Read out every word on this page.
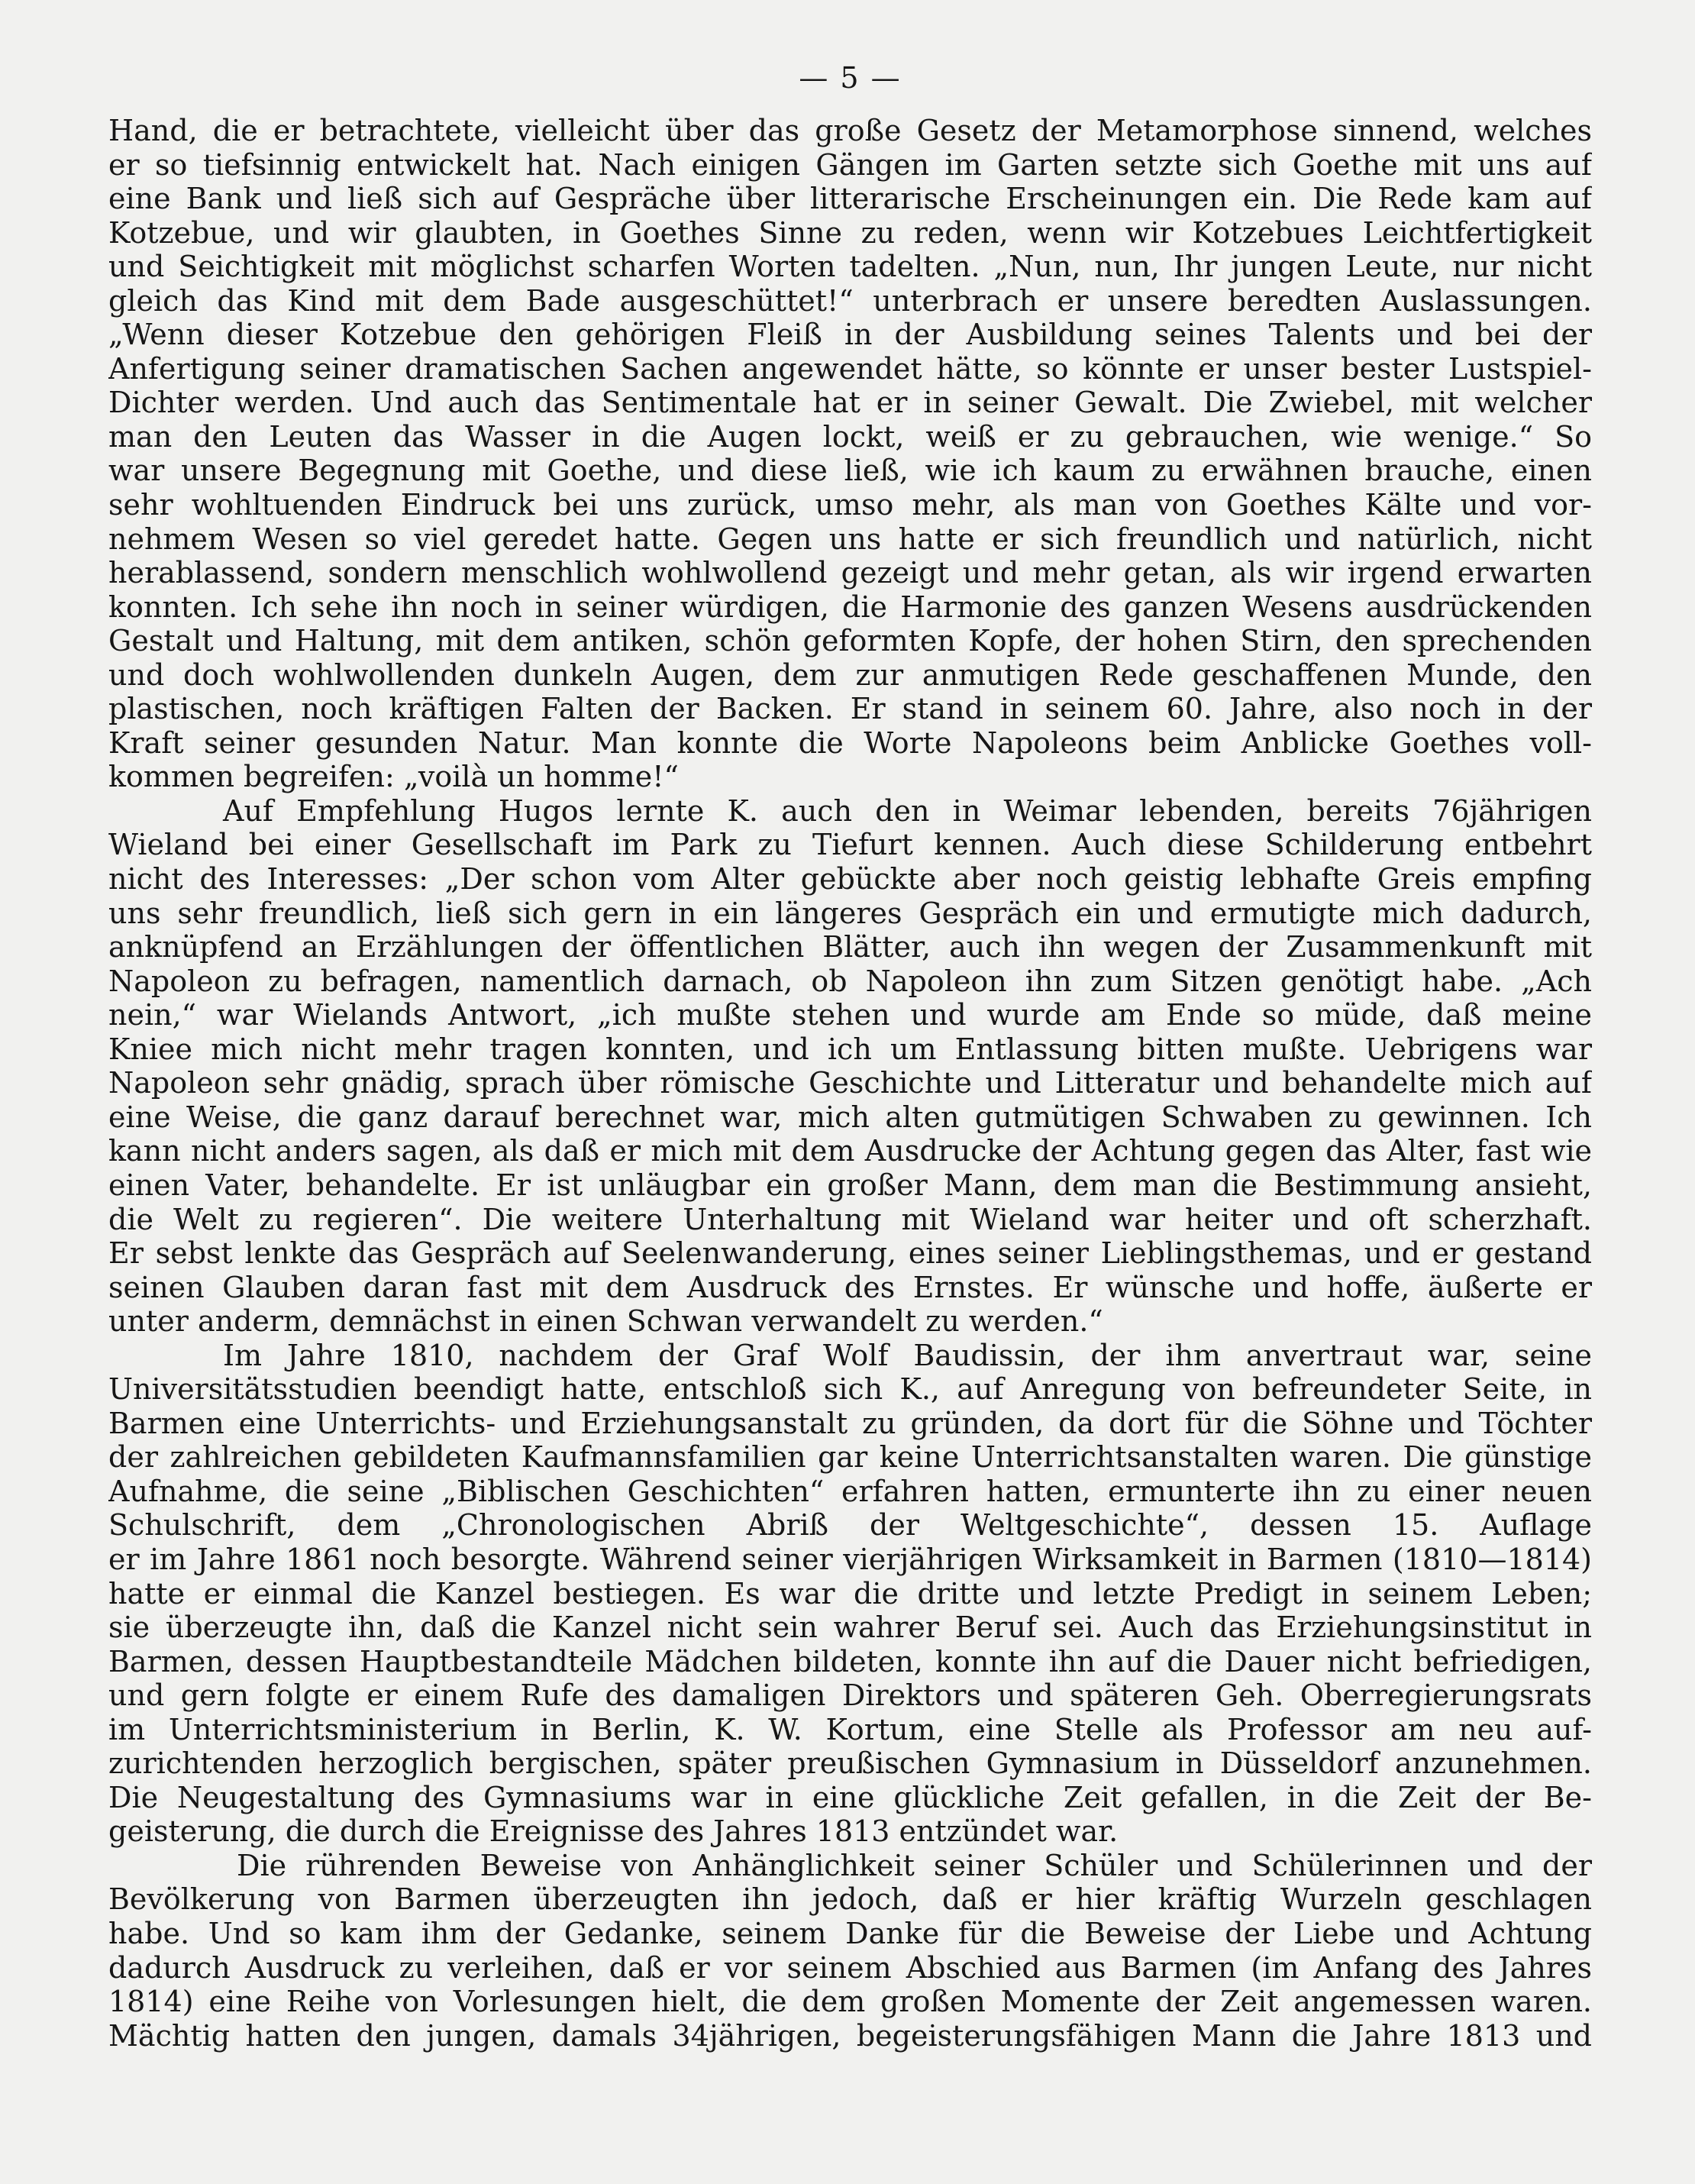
— 5 —
Hand, die er betrachtete, vielleicht über das große Gesetz der Metamorphose sinnend, welches
er so tiefsinnig entwickelt hat. Nach einigen Gängen im Garten setzte sich Goethe mit uns auf
eine Bank und ließ sich auf Gespräche über litterarische Erscheinungen ein. Die Rede kam auf
Kotzebue, und wir glaubten, in Goethes Sinne zu reden, wenn wir Kotzebues Leichtfertigkeit
und Seichtigkeit mit möglichst scharfen Worten tadelten. „Nun, nun, Ihr jungen Leute, nur nicht
gleich das Kind mit dem Bade ausgeschüttet!“ unterbrach er unsere beredten Auslassungen.
„Wenn dieser Kotzebue den gehörigen Fleiß in der Ausbildung seines Talents und bei der
Anfertigung seiner dramatischen Sachen angewendet hätte, so könnte er unser bester Lustspiel-
Dichter werden. Und auch das Sentimentale hat er in seiner Gewalt. Die Zwiebel, mit welcher
man den Leuten das Wasser in die Augen lockt, weiß er zu gebrauchen, wie wenige.“ So
war unsere Begegnung mit Goethe, und diese ließ, wie ich kaum zu erwähnen brauche, einen
sehr wohltuenden Eindruck bei uns zurück, umso mehr, als man von Goethes Kälte und vor-
nehmem Wesen so viel geredet hatte. Gegen uns hatte er sich freundlich und natürlich, nicht
herablassend, sondern menschlich wohlwollend gezeigt und mehr getan, als wir irgend erwarten
konnten. Ich sehe ihn noch in seiner würdigen, die Harmonie des ganzen Wesens ausdrückenden
Gestalt und Haltung, mit dem antiken, schön geformten Kopfe, der hohen Stirn, den sprechenden
und doch wohlwollenden dunkeln Augen, dem zur anmutigen Rede geschaffenen Munde, den
plastischen, noch kräftigen Falten der Backen. Er stand in seinem 60. Jahre, also noch in der
Kraft seiner gesunden Natur. Man konnte die Worte Napoleons beim Anblicke Goethes voll-
kommen begreifen: „voilà un homme!“
Auf Empfehlung Hugos lernte K. auch den in Weimar lebenden, bereits 76jährigen
Wieland bei einer Gesellschaft im Park zu Tiefurt kennen. Auch diese Schilderung entbehrt
nicht des Interesses: „Der schon vom Alter gebückte aber noch geistig lebhafte Greis empfing
uns sehr freundlich, ließ sich gern in ein längeres Gespräch ein und ermutigte mich dadurch,
anknüpfend an Erzählungen der öffentlichen Blätter, auch ihn wegen der Zusammenkunft mit
Napoleon zu befragen, namentlich darnach, ob Napoleon ihn zum Sitzen genötigt habe. „Ach
nein,“ war Wielands Antwort, „ich mußte stehen und wurde am Ende so müde, daß meine
Kniee mich nicht mehr tragen konnten, und ich um Entlassung bitten mußte. Uebrigens war
Napoleon sehr gnädig, sprach über römische Geschichte und Litteratur und behandelte mich auf
eine Weise, die ganz darauf berechnet war, mich alten gutmütigen Schwaben zu gewinnen. Ich
kann nicht anders sagen, als daß er mich mit dem Ausdrucke der Achtung gegen das Alter, fast wie
einen Vater, behandelte. Er ist unläugbar ein großer Mann, dem man die Bestimmung ansieht,
die Welt zu regieren“. Die weitere Unterhaltung mit Wieland war heiter und oft scherzhaft.
Er sebst lenkte das Gespräch auf Seelenwanderung, eines seiner Lieblingsthemas, und er gestand
seinen Glauben daran fast mit dem Ausdruck des Ernstes. Er wünsche und hoffe, äußerte er
unter anderm, demnächst in einen Schwan verwandelt zu werden.“
Im Jahre 1810, nachdem der Graf Wolf Baudissin, der ihm anvertraut war, seine
Universitätsstudien beendigt hatte, entschloß sich K., auf Anregung von befreundeter Seite, in
Barmen eine Unterrichts- und Erziehungsanstalt zu gründen, da dort für die Söhne und Töchter
der zahlreichen gebildeten Kaufmannsfamilien gar keine Unterrichtsanstalten waren. Die günstige
Aufnahme, die seine „Biblischen Geschichten“ erfahren hatten, ermunterte ihn zu einer neuen
Schulschrift, dem „Chronologischen Abriß der Weltgeschichte“, dessen 15. Auflage
er im Jahre 1861 noch besorgte. Während seiner vierjährigen Wirksamkeit in Barmen (1810—1814)
hatte er einmal die Kanzel bestiegen. Es war die dritte und letzte Predigt in seinem Leben;
sie überzeugte ihn, daß die Kanzel nicht sein wahrer Beruf sei. Auch das Erziehungsinstitut in
Barmen, dessen Hauptbestandteile Mädchen bildeten, konnte ihn auf die Dauer nicht befriedigen,
und gern folgte er einem Rufe des damaligen Direktors und späteren Geh. Oberregierungsrats
im Unterrichtsministerium in Berlin, K. W. Kortum, eine Stelle als Professor am neu auf-
zurichtenden herzoglich bergischen, später preußischen Gymnasium in Düsseldorf anzunehmen.
Die Neugestaltung des Gymnasiums war in eine glückliche Zeit gefallen, in die Zeit der Be-
geisterung, die durch die Ereignisse des Jahres 1813 entzündet war.
Die rührenden Beweise von Anhänglichkeit seiner Schüler und Schülerinnen und der
Bevölkerung von Barmen überzeugten ihn jedoch, daß er hier kräftig Wurzeln geschlagen
habe. Und so kam ihm der Gedanke, seinem Danke für die Beweise der Liebe und Achtung
dadurch Ausdruck zu verleihen, daß er vor seinem Abschied aus Barmen (im Anfang des Jahres
1814) eine Reihe von Vorlesungen hielt, die dem großen Momente der Zeit angemessen waren.
Mächtig hatten den jungen, damals 34jährigen, begeisterungsfähigen Mann die Jahre 1813 und
